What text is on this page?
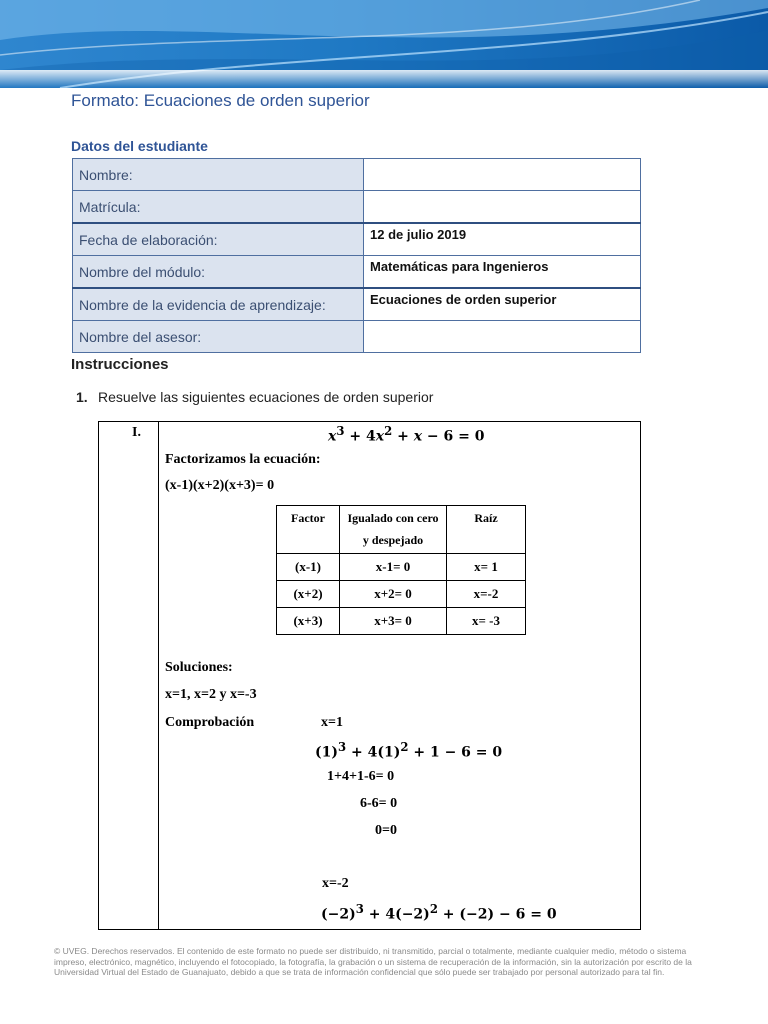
Formato: Ecuaciones de orden superior
Datos del estudiante
Nombre:	
Matrícula:	
Fecha de elaboración:	12 de julio 2019
Nombre del módulo:	Matemáticas para Ingenieros
Nombre de la evidencia de aprendizaje:	Ecuaciones de orden superior
Nombre del asesor:	
Instrucciones
1. Resuelve las siguientes ecuaciones de orden superior
I.	$x^3 + 4x^2 + x - 6 = 0$
Factorizamos la ecuación:
(x-1)(x+2)(x+3)= 0
Factor	Igualado con cero y despejado	Raíz
(x-1)	x-1= 0	x= 1
(x+2)	x+2= 0	x=-2
(x+3)	x+3= 0	x= -3
Soluciones:
x=1, x=2 y x=-3
Comprobación	x=1
$(1)^3 + 4(1)^2 + 1 - 6 = 0$
1+4+1-6= 0
6-6= 0
0=0
x=-2
$(-2)^3 + 4(-2)^2 + (-2) - 6 = 0$
© UVEG. Derechos reservados. El contenido de este formato no puede ser distribuido, ni transmitido, parcial o totalmente, mediante cualquier medio, método o sistema impreso, electrónico, magnético, incluyendo el fotocopiado, la fotografía, la grabación o un sistema de recuperación de la información, sin la autorización por escrito de la Universidad Virtual del Estado de Guanajuato, debido a que se trata de información confidencial que sólo puede ser trabajado por personal autorizado para tal fin.
